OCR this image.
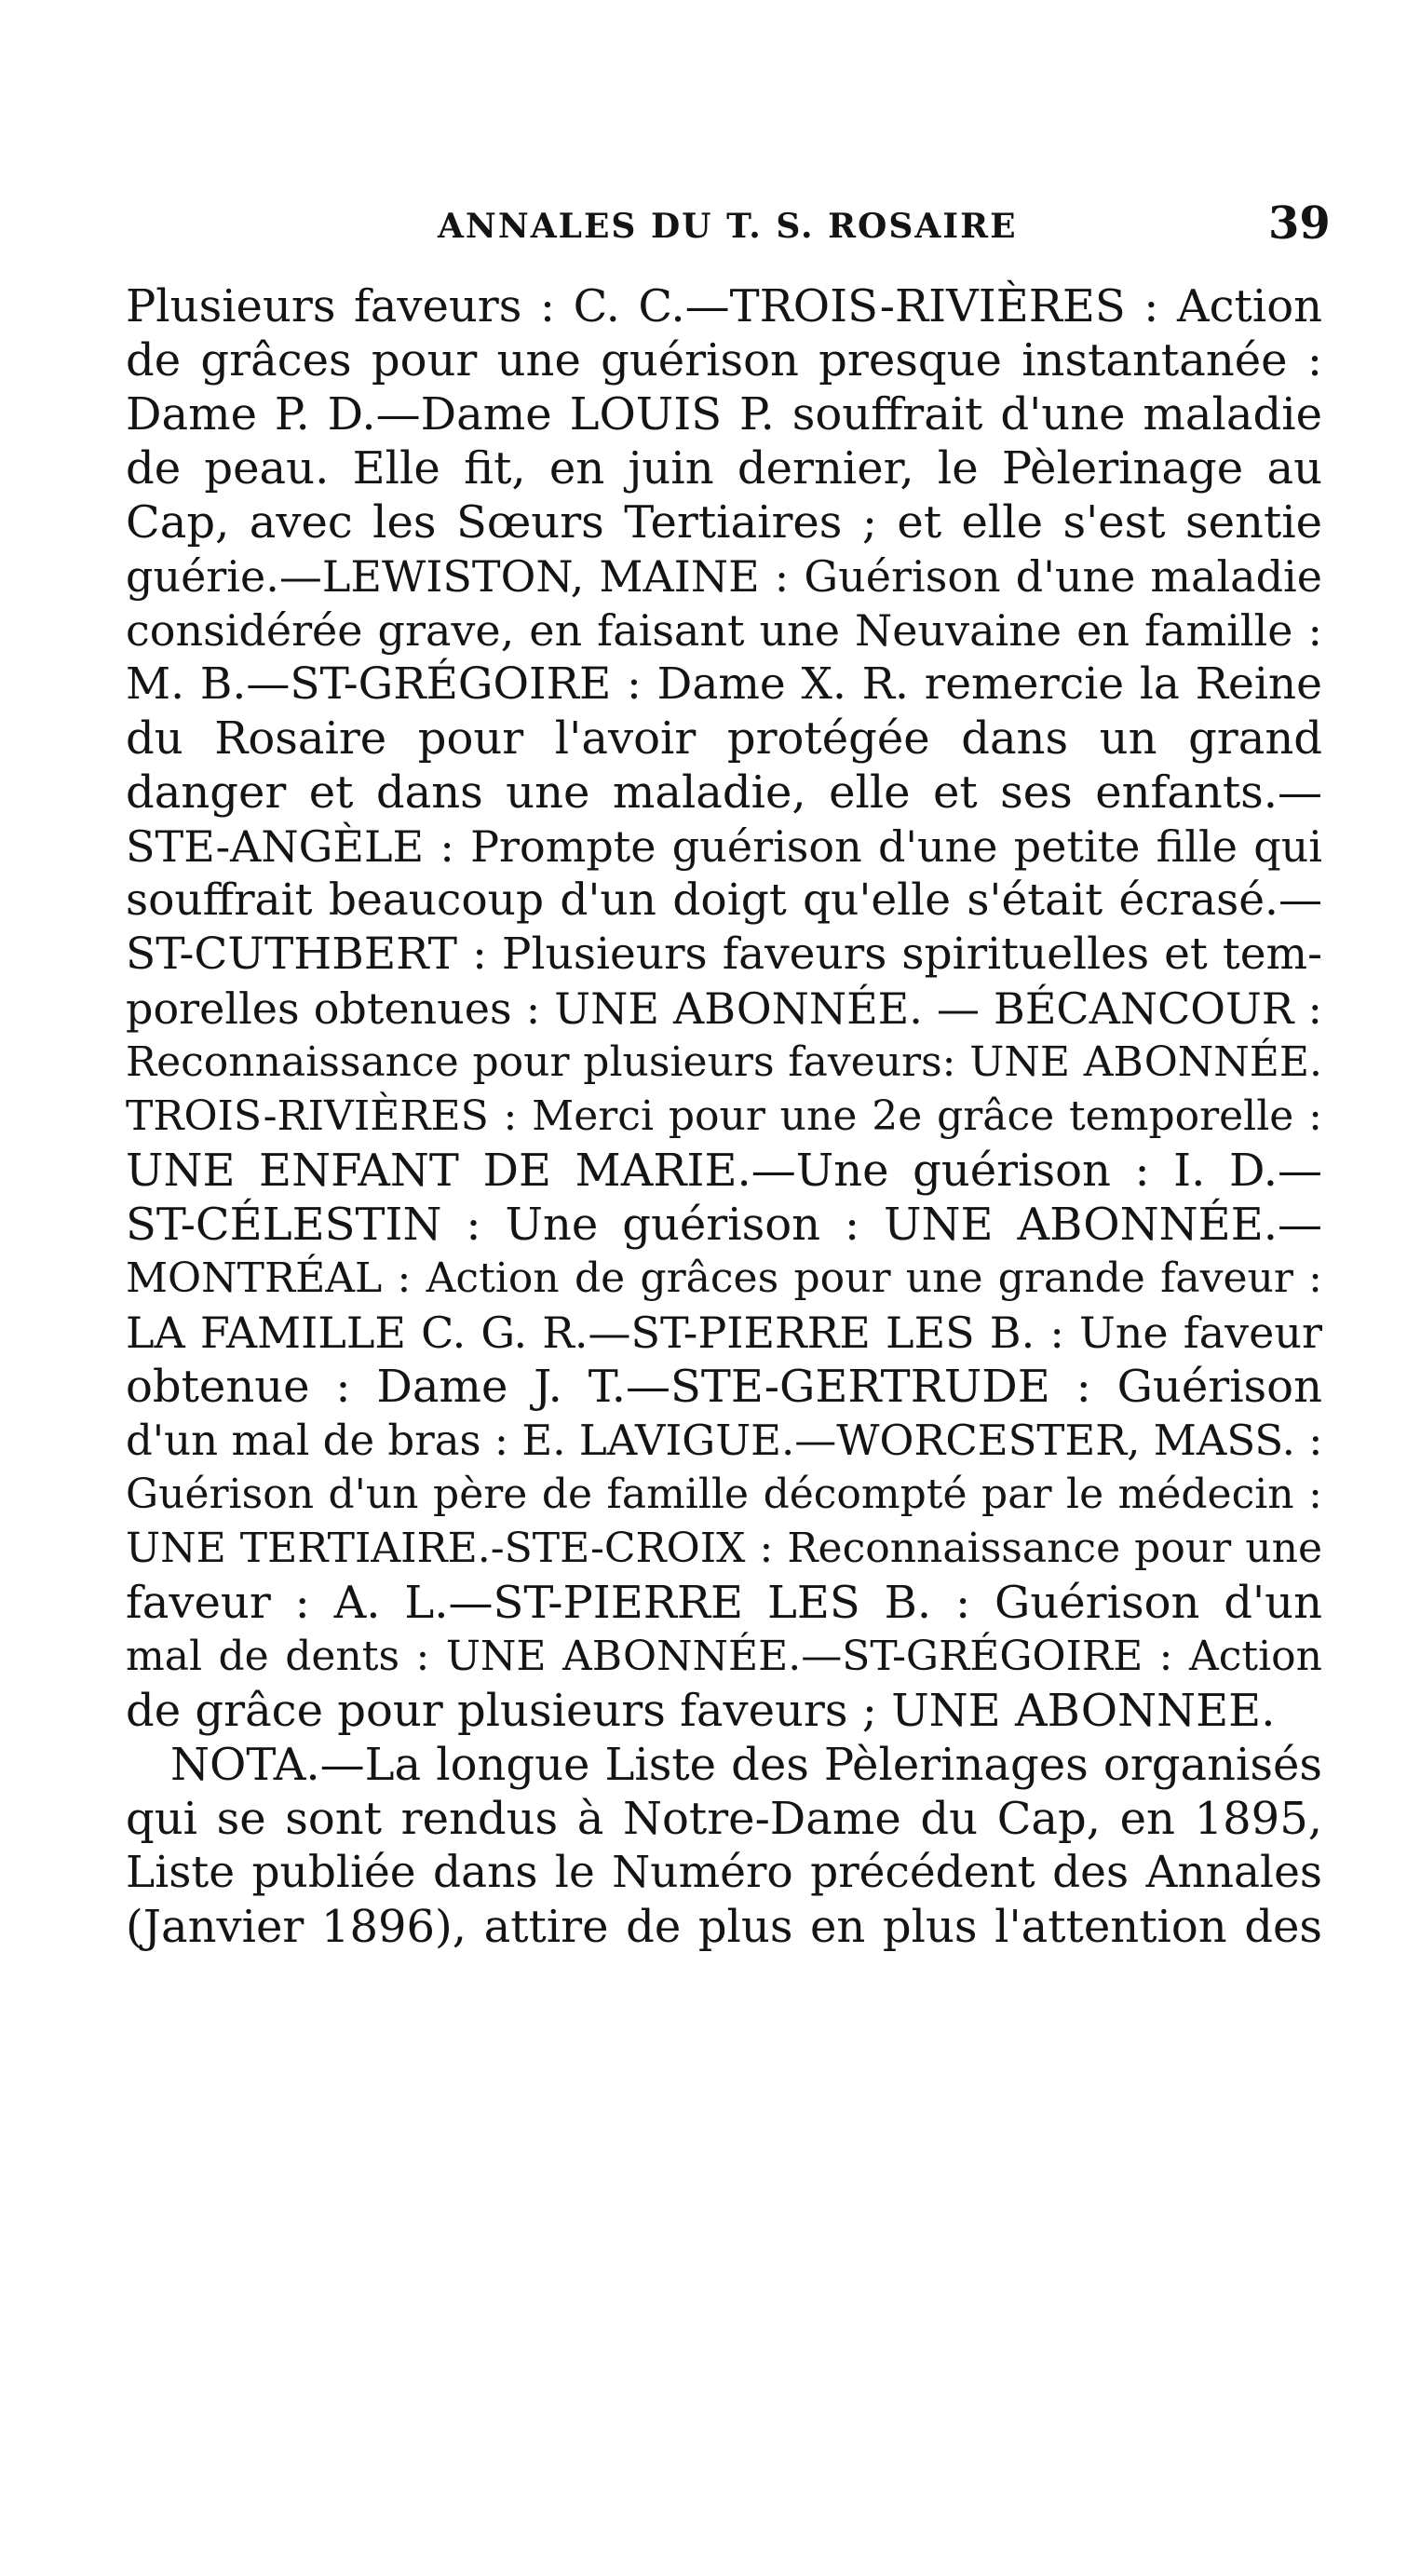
ANNALES DU T. S. ROSAIRE	39
Plusieurs faveurs : C. C.—TROIS-RIVIÈRES : Action
de grâces pour une guérison presque instantanée :
Dame P. D.—Dame LOUIS P. souffrait d'une maladie
de peau. Elle fit, en juin dernier, le Pèlerinage au
Cap, avec les Sœurs Tertiaires ; et elle s'est sentie
guérie.—LEWISTON, MAINE : Guérison d'une maladie
considérée grave, en faisant une Neuvaine en famille :
M. B.—ST-GRÉGOIRE : Dame X. R. remercie la Reine
du Rosaire pour l'avoir protégée dans un grand
danger et dans une maladie, elle et ses enfants.—
STE-ANGÈLE : Prompte guérison d'une petite fille qui
souffrait beaucoup d'un doigt qu'elle s'était écrasé.—
ST-CUTHBERT : Plusieurs faveurs spirituelles et tem-
porelles obtenues : UNE ABONNÉE. — BÉCANCOUR :
Reconnaissance pour plusieurs faveurs: UNE ABONNÉE.
TROIS-RIVIÈRES : Merci pour une 2e grâce temporelle :
UNE ENFANT DE MARIE.—Une guérison : I. D.—
ST-CÉLESTIN : Une guérison : UNE ABONNÉE.—
MONTRÉAL : Action de grâces pour une grande faveur :
LA FAMILLE C. G. R.—ST-PIERRE LES B. : Une faveur
obtenue : Dame J. T.—STE-GERTRUDE : Guérison
d'un mal de bras : E. LAVIGUE.—WORCESTER, MASS. :
Guérison d'un père de famille décompté par le médecin :
UNE TERTIAIRE.-STE-CROIX : Reconnaissance pour une
faveur : A. L.—ST-PIERRE LES B. : Guérison d'un
mal de dents : UNE ABONNÉE.—ST-GRÉGOIRE : Action
de grâce pour plusieurs faveurs ; UNE ABONNEE.
NOTA.—La longue Liste des Pèlerinages organisés
qui se sont rendus à Notre-Dame du Cap, en 1895,
Liste publiée dans le Numéro précédent des Annales
(Janvier 1896), attire de plus en plus l'attention des
